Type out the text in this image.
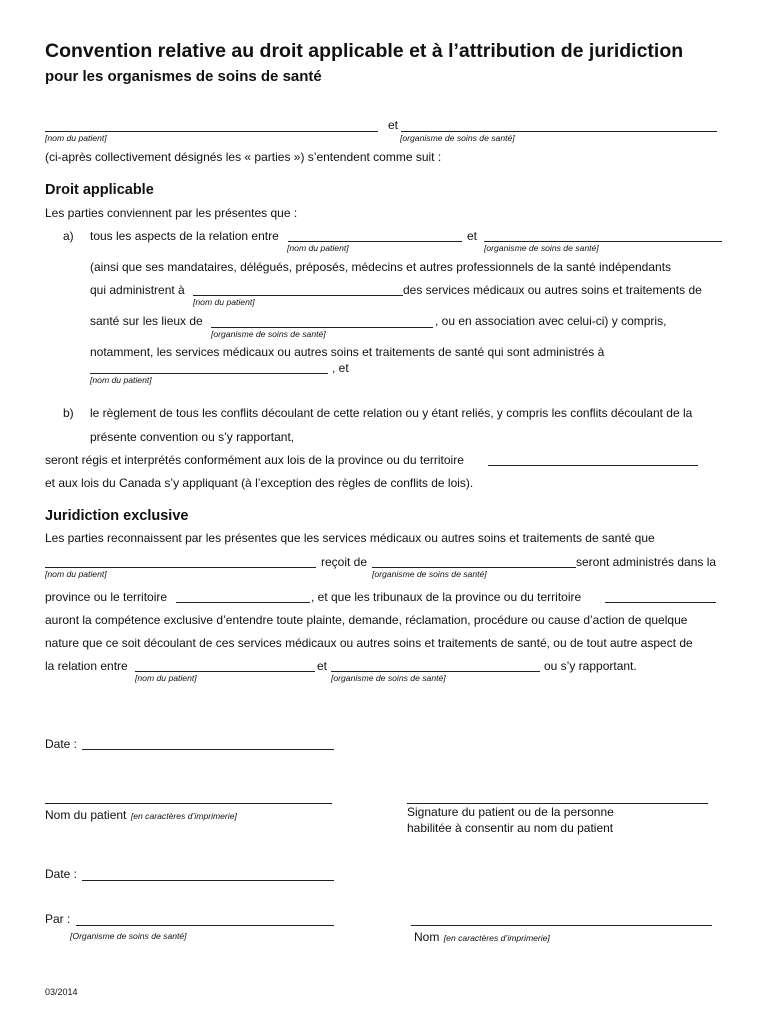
Convention relative au droit applicable et à l’attribution de juridiction
pour les organismes de soins de santé
et
[nom du patient]	[organisme de soins de santé]
(ci-après collectivement désignés les « parties ») s’entendent comme suit :
Droit applicable
Les parties conviennent par les présentes que :
a) tous les aspects de la relation entre	et
[nom du patient]	[organisme de soins de santé]
(ainsi que ses mandataires, délégués, préposés, médecins et autres professionnels de la santé indépendants
qui administrent à	des services médicaux ou autres soins et traitements de
[nom du patient]
santé sur les lieux de	, ou en association avec celui-ci) y compris,
[organisme de soins de santé]
notamment, les services médicaux ou autres soins et traitements de santé qui sont administrés à
, et
[nom du patient]
b) le règlement de tous les conflits découlant de cette relation ou y étant reliés, y compris les conflits découlant de la
présente convention ou s’y rapportant,
seront régis et interprétés conformément aux lois de la province ou du territoire
et aux lois du Canada s’y appliquant (à l’exception des règles de conflits de lois).
Juridiction exclusive
Les parties reconnaissent par les présentes que les services médicaux ou autres soins et traitements de santé que
reçoit de	seront administrés dans la
[nom du patient]	[organisme de soins de santé]
province ou le territoire	, et que les tribunaux de la province ou du territoire
auront la compétence exclusive d’entendre toute plainte, demande, réclamation, procédure ou cause d’action de quelque
nature que ce soit découlant de ces services médicaux ou autres soins et traitements de santé, ou de tout autre aspect de
la relation entre	et	ou s’y rapportant.
[nom du patient]	[organisme de soins de santé]
Date :
Nom du patient [en caractères d’imprimerie]	Signature du patient ou de la personne
habilitée à consentir au nom du patient
Date :
Par :
[Organisme de soins de santé]	Nom [en caractères d’imprimerie]
03/2014
